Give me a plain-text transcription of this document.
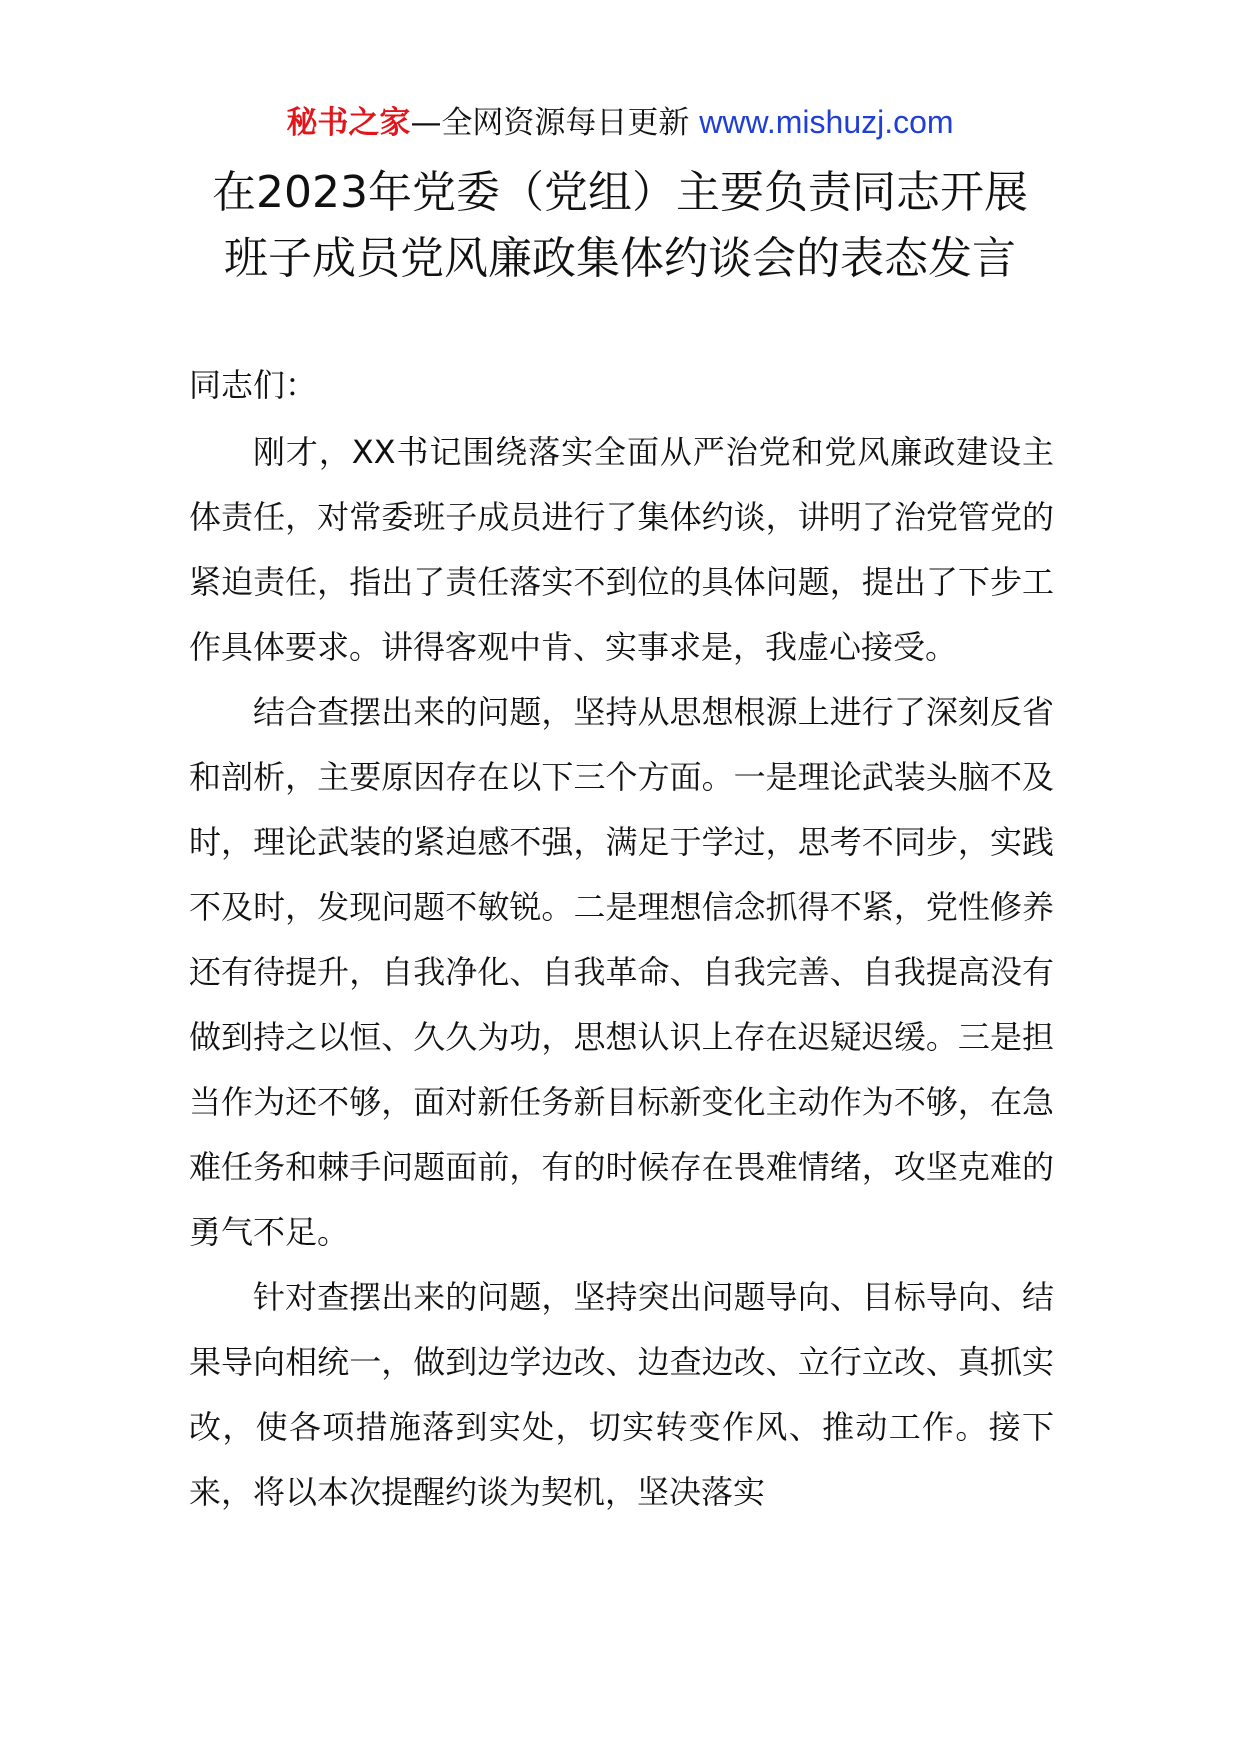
秘书之家—全网资源每日更新 www.mishuzj.com
在2023年党委（党组）主要负责同志开展
班子成员党风廉政集体约谈会的表态发言

同志们：

刚才，XX书记围绕落实全面从严治党和党风廉政建设主体责任，对常委班子成员进行了集体约谈，讲明了治党管党的紧迫责任，指出了责任落实不到位的具体问题，提出了下步工作具体要求。讲得客观中肯、实事求是，我虚心接受。

结合查摆出来的问题，坚持从思想根源上进行了深刻反省和剖析，主要原因存在以下三个方面。一是理论武装头脑不及时，理论武装的紧迫感不强，满足于学过，思考不同步，实践不及时，发现问题不敏锐。二是理想信念抓得不紧，党性修养还有待提升，自我净化、自我革命、自我完善、自我提高没有做到持之以恒、久久为功，思想认识上存在迟疑迟缓。三是担当作为还不够，面对新任务新目标新变化主动作为不够，在急难任务和棘手问题面前，有的时候存在畏难情绪，攻坚克难的勇气不足。

针对查摆出来的问题，坚持突出问题导向、目标导向、结果导向相统一，做到边学边改、边查边改、立行立改、真抓实改，使各项措施落到实处，切实转变作风、推动工作。接下来，将以本次提醒约谈为契机，坚决落实
